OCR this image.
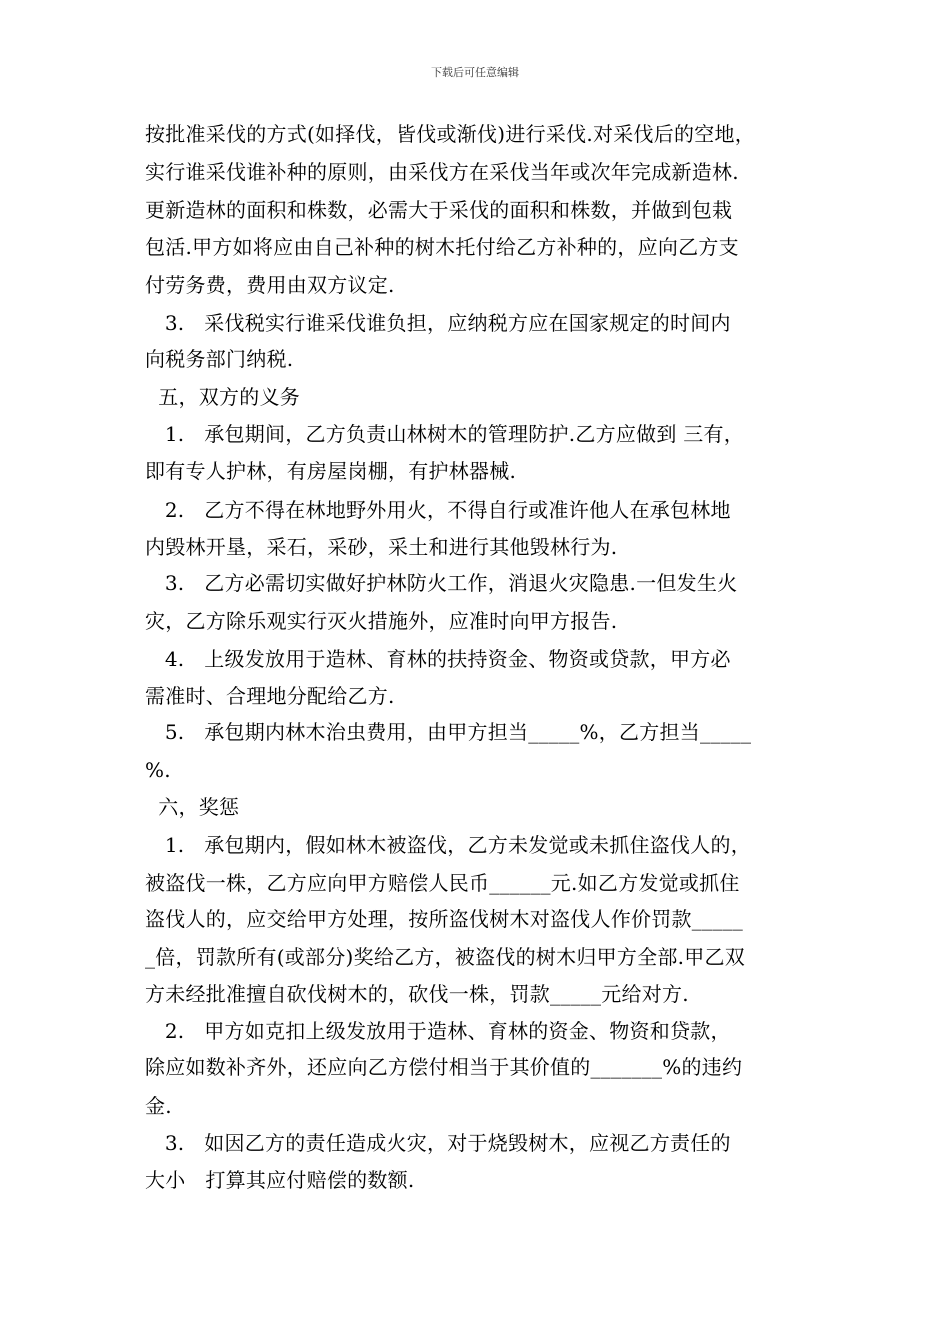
下载后可任意编辑
按批准采伐的方式(如择伐，皆伐或渐伐)进行采伐.对采伐后的空地，
实行谁采伐谁补种的原则，由采伐方在采伐当年或次年完成新造林.
更新造林的面积和株数，必需大于采伐的面积和株数，并做到包栽
包活.甲方如将应由自己补种的树木托付给乙方补种的，应向乙方支
付劳务费，费用由双方议定.
3.   采伐税实行谁采伐谁负担，应纳税方应在国家规定的时间内
向税务部门纳税.
五，双方的义务
1.   承包期间，乙方负责山林树木的管理防护.乙方应做到 三有，
即有专人护林，有房屋岗棚，有护林器械.
2.   乙方不得在林地野外用火，不得自行或准许他人在承包林地
内毁林开垦，采石，采砂，采土和进行其他毁林行为.
3.   乙方必需切实做好护林防火工作，消退火灾隐患.一但发生火
灾，乙方除乐观实行灭火措施外，应准时向甲方报告.
4.   上级发放用于造林、育林的扶持资金、物资或贷款，甲方必
需准时、合理地分配给乙方.
5.   承包期内林木治虫费用，由甲方担当_____%，乙方担当_____
%.
六，奖惩
1.   承包期内，假如林木被盗伐，乙方未发觉或未抓住盗伐人的，
被盗伐一株，乙方应向甲方赔偿人民币______元.如乙方发觉或抓住
盗伐人的，应交给甲方处理，按所盗伐树木对盗伐人作价罚款_____
_倍，罚款所有(或部分)奖给乙方，被盗伐的树木归甲方全部.甲乙双
方未经批准擅自砍伐树木的，砍伐一株，罚款_____元给对方.
2.   甲方如克扣上级发放用于造林、育林的资金、物资和贷款，
除应如数补齐外，还应向乙方偿付相当于其价值的_______%的违约
金.
3.   如因乙方的责任造成火灾，对于烧毁树木，应视乙方责任的
大小   打算其应付赔偿的数额.
